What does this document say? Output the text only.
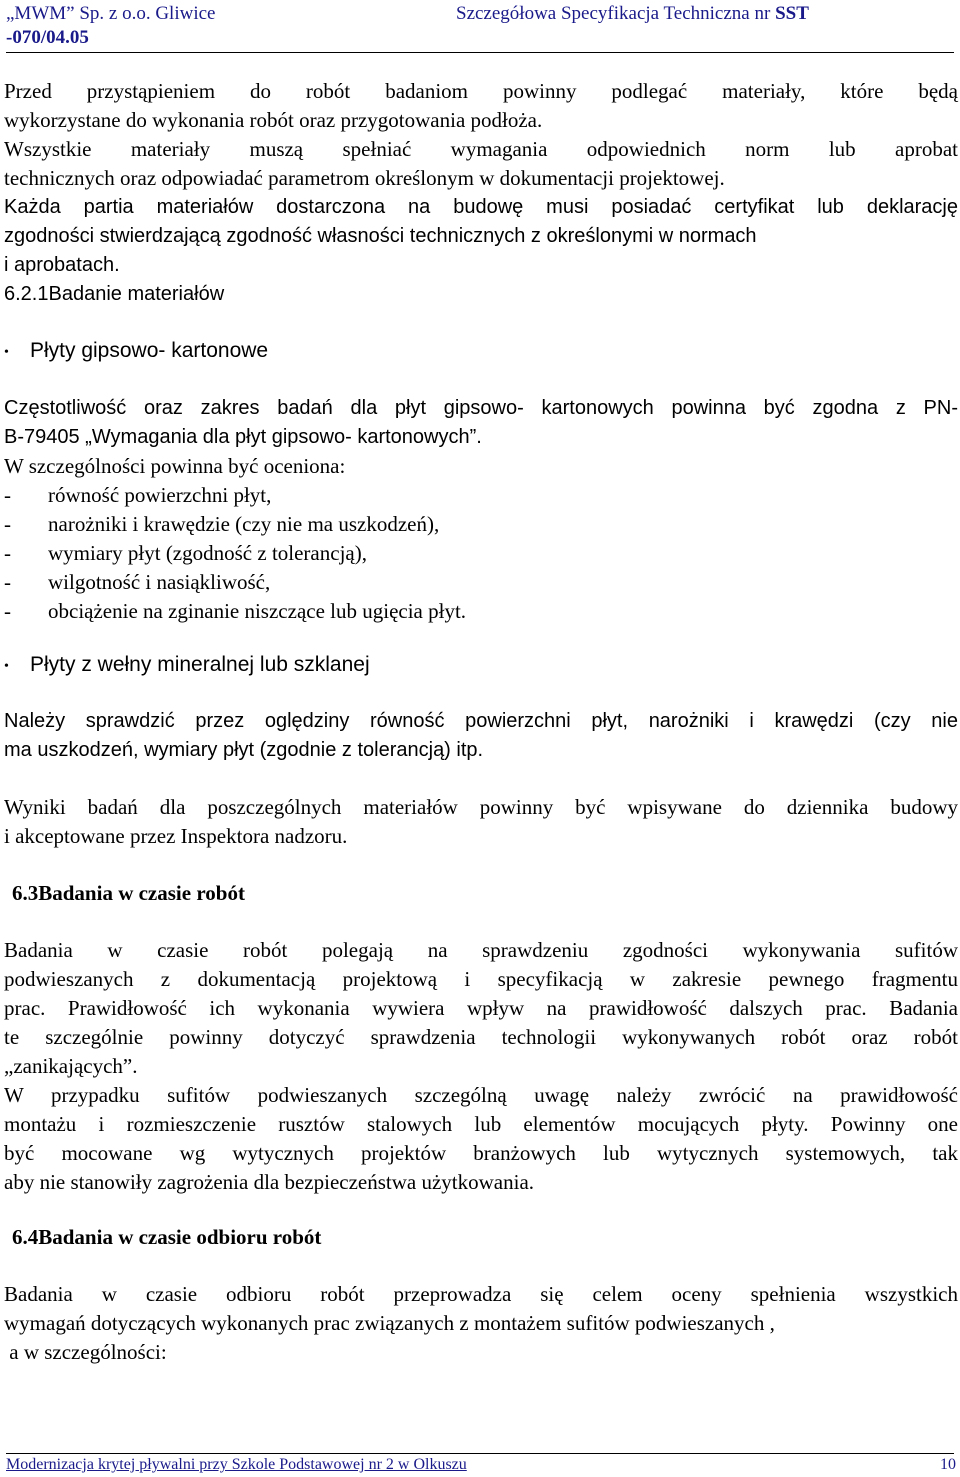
„MWM” Sp. z o.o. Gliwice
-070/04.05
Szczegółowa Specyfikacja Techniczna nr SST
Przed przystąpieniem do robót badaniom powinny podlegać materiały, które będą
wykorzystane do wykonania robót oraz przygotowania podłoża.
Wszystkie materiały muszą spełniać wymagania odpowiednich norm lub aprobat
technicznych oraz odpowiadać parametrom określonym w dokumentacji projektowej.
Każda partia materiałów dostarczona na budowę musi posiadać certyfikat lub deklarację
zgodności stwierdzającą zgodność własności technicznych z określonymi w normach
i aprobatach.
6.2.1Badanie materiałów
• Płyty gipsowo- kartonowe
Częstotliwość oraz zakres badań dla płyt gipsowo- kartonowych powinna być zgodna z PN-
B-79405 „Wymagania dla płyt gipsowo- kartonowych”.
W szczególności powinna być oceniona:
- równość powierzchni płyt,
- narożniki i krawędzie (czy nie ma uszkodzeń),
- wymiary płyt (zgodność z tolerancją),
- wilgotność i nasiąkliwość,
- obciążenie na zginanie niszczące lub ugięcia płyt.
• Płyty z wełny mineralnej lub szklanej
Należy sprawdzić przez oględziny równość powierzchni płyt, narożniki i krawędzi (czy nie
ma uszkodzeń, wymiary płyt (zgodnie z tolerancją) itp.
Wyniki badań dla poszczególnych materiałów powinny być wpisywane do dziennika budowy
i akceptowane przez Inspektora nadzoru.
6.3Badania w czasie robót
Badania w czasie robót polegają na sprawdzeniu zgodności wykonywania sufitów
podwieszanych z dokumentacją projektową i specyfikacją w zakresie pewnego fragmentu
prac. Prawidłowość ich wykonania wywiera wpływ na prawidłowość dalszych prac. Badania
te szczególnie powinny dotyczyć sprawdzenia technologii wykonywanych robót oraz robót
„zanikających”.
W przypadku sufitów podwieszanych szczególną uwagę należy zwrócić na prawidłowość
montażu i rozmieszczenie rusztów stalowych lub elementów mocujących płyty. Powinny one
być mocowane wg wytycznych projektów branżowych lub wytycznych systemowych, tak
aby nie stanowiły zagrożenia dla bezpieczeństwa użytkowania.
6.4Badania w czasie odbioru robót
Badania w czasie odbioru robót przeprowadza się celem oceny spełnienia wszystkich
wymagań dotyczących wykonanych prac związanych z montażem sufitów podwieszanych ,
a w szczególności:
Modernizacja krytej pływalni przy Szkole Podstawowej nr 2 w Olkuszu	10
